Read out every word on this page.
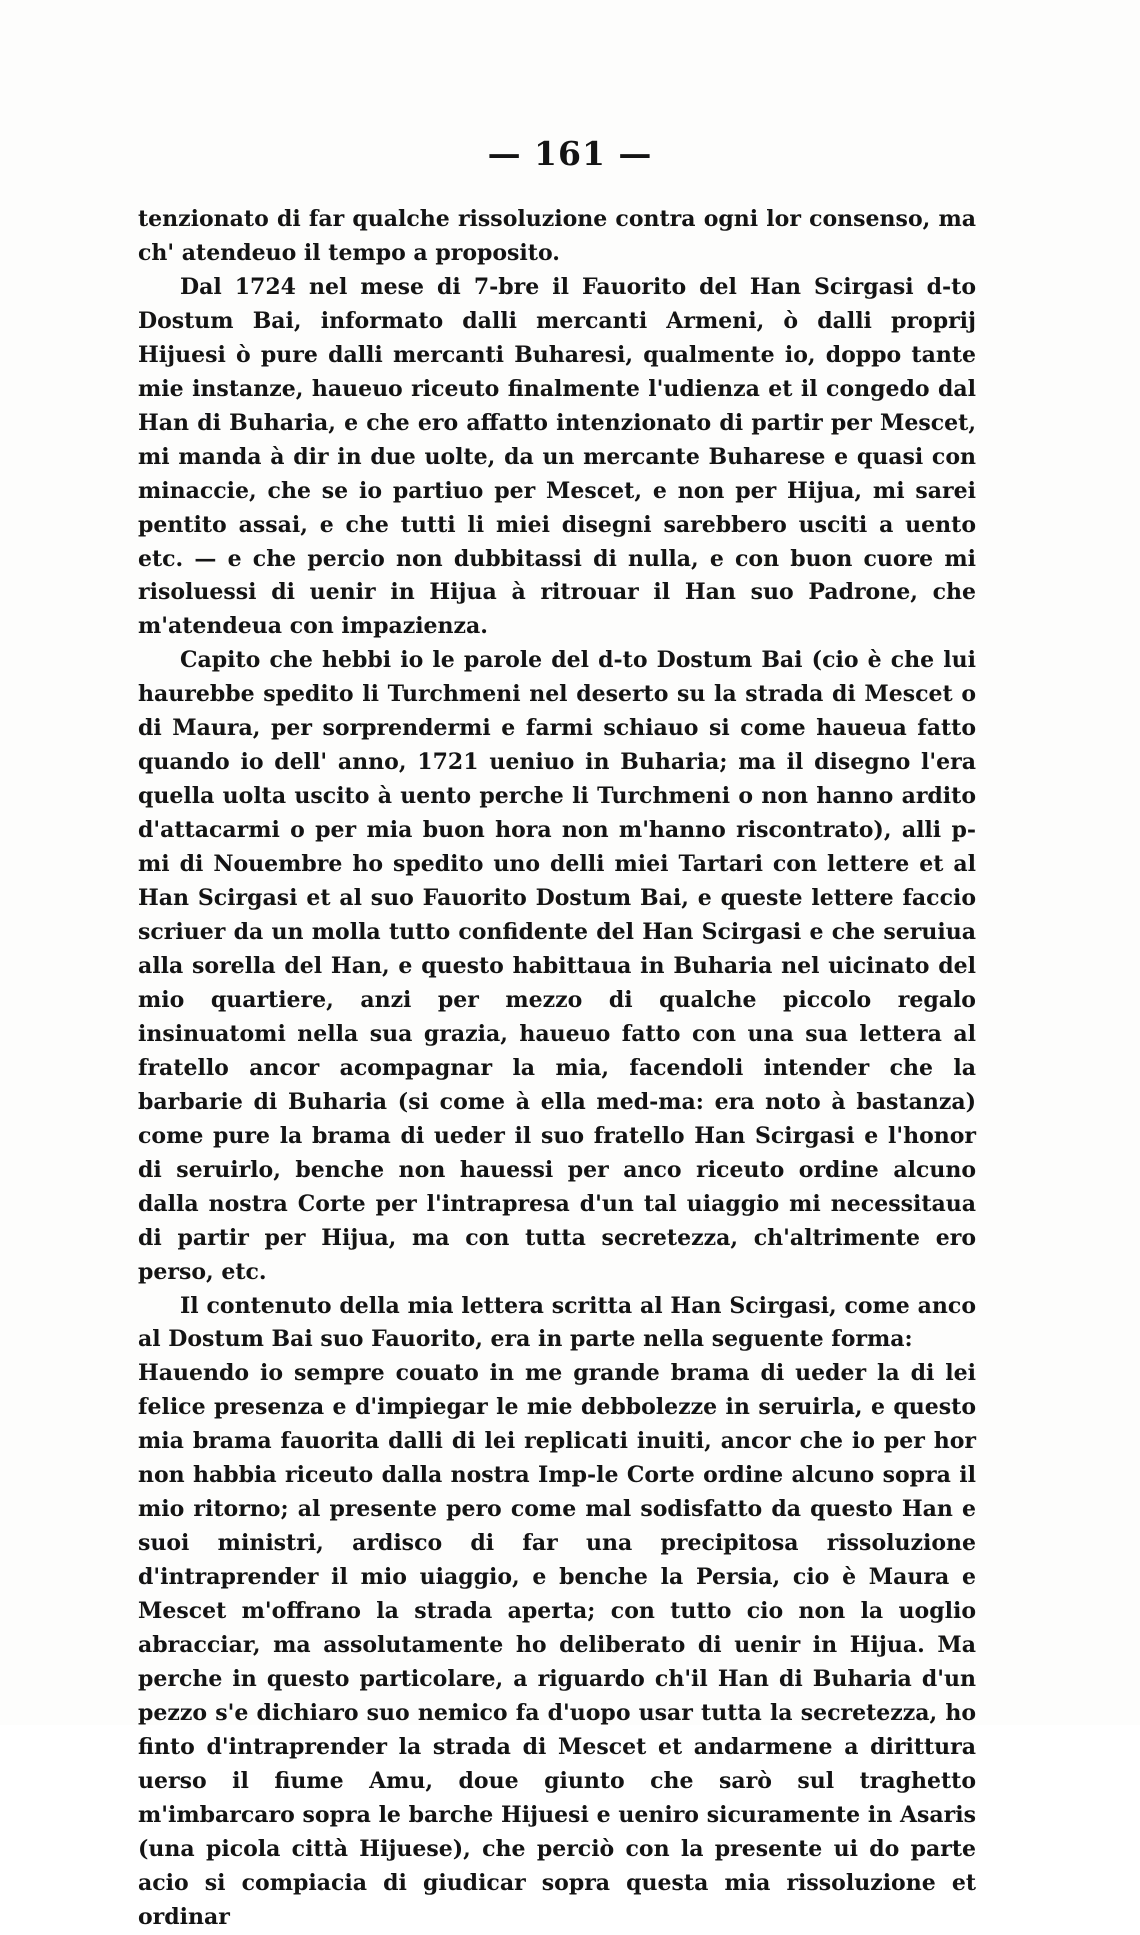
— 161 —

tenzionato di far qualche rissoluzione contra ogni lor consenso, ma ch' atendeuo il tempo a proposito.

Dal 1724 nel mese di 7-bre il Fauorito del Han Scirgasi d-to Dostum Bai, informato dalli mercanti Armeni, ò dalli proprij Hijuesi ò pure dalli mercanti Buharesi, qualmente io, doppo tante mie instanze, haueuo riceuto finalmente l'udienza et il congedo dal Han di Buharia, e che ero affatto intenzionato di partir per Mescet, mi manda à dir in due uolte, da un mercante Buharese e quasi con minaccie, che se io partiuo per Mescet, e non per Hijua, mi sarei pentito assai, e che tutti li miei disegni sarebbero usciti a uento etc. — e che percio non dubbitassi di nulla, e con buon cuore mi risoluessi di uenir in Hijua à ritrouar il Han suo Padrone, che m'atendeua con impazienza.

Capito che hebbi io le parole del d-to Dostum Bai (cio è che lui haurebbe spedito li Turchmeni nel deserto su la strada di Mescet o di Maura, per sorprendermi e farmi schiauo si come haueua fatto quando io dell' anno, 1721 ueniuo in Buharia; ma il disegno l'era quella uolta uscito à uento perche li Turchmeni o non hanno ardito d'attacarmi o per mia buon hora non m'hanno riscontrato), alli p-mi di Nouembre ho spedito uno delli miei Tartari con lettere et al Han Scirgasi et al suo Fauorito Dostum Bai, e queste lettere faccio scriuer da un molla tutto confidente del Han Scirgasi e che seruiua alla sorella del Han, e questo habittaua in Buharia nel uicinato del mio quartiere, anzi per mezzo di qualche piccolo regalo insinuatomi nella sua grazia, haueuo fatto con una sua lettera al fratello ancor acompagnar la mia, facendoli intender che la barbarie di Buharia (si come à ella med-ma: era noto à bastanza) come pure la brama di ueder il suo fratello Han Scirgasi e l'honor di seruirlo, benche non hauessi per anco riceuto ordine alcuno dalla nostra Corte per l'intrapresa d'un tal uiaggio mi necessitaua di partir per Hijua, ma con tutta secretezza, ch'altrimente ero perso, etc.

Il contenuto della mia lettera scritta al Han Scirgasi, come anco al Dostum Bai suo Fauorito, era in parte nella seguente forma:

Hauendo io sempre couato in me grande brama di ueder la di lei felice presenza e d'impiegar le mie debbolezze in seruirla, e questo mia brama fauorita dalli di lei replicati inuiti, ancor che io per hor non habbia riceuto dalla nostra Imp-le Corte ordine alcuno sopra il mio ritorno; al presente pero come mal sodisfatto da questo Han e suoi ministri, ardisco di far una precipitosa rissoluzione d'intraprender il mio uiaggio, e benche la Persia, cio è Maura e Mescet m'offrano la strada aperta; con tutto cio non la uoglio abracciar, ma assolutamente ho deliberato di uenir in Hijua. Ma perche in questo particolare, a riguardo ch'il Han di Buharia d'un pezzo s'e dichiaro suo nemico fa d'uopo usar tutta la secretezza, ho finto d'intraprender la strada di Mescet et andarmene a dirittura uerso il fiume Amu, doue giunto che sarò sul traghetto m'imbarcaro sopra le barche Hijuesi e ueniro sicuramente in Asaris (una picola città Hijuese), che perciò con la presente ui do parte acio si compiacia di giudicar sopra questa mia rissoluzione et ordinar
